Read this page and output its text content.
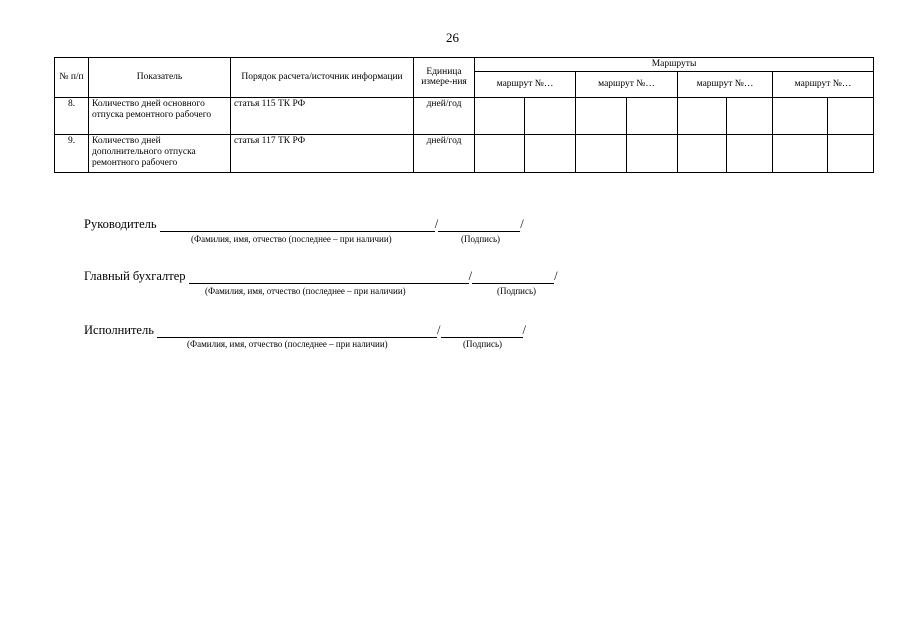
26
№ п/п	Показатель	Порядок расчета/источник информации	Единица измере-ния	Маршруты							
				маршрут №…		маршрут №…		маршрут №…		маршрут №…	
8.	Количество дней основного отпуска ремонтного рабочего	статья 115 ТК РФ	дней/год								
9.	Количество дней дополнительного отпуска ремонтного рабочего	статья 117 ТК РФ	дней/год								
Руководитель	/	/
(Фамилия, имя, отчество (последнее – при наличии)	(Подпись)
Главный бухгалтер	/	/
(Фамилия, имя, отчество (последнее – при наличии)	(Подпись)
Исполнитель	/	/
(Фамилия, имя, отчество (последнее – при наличии)	(Подпись)
